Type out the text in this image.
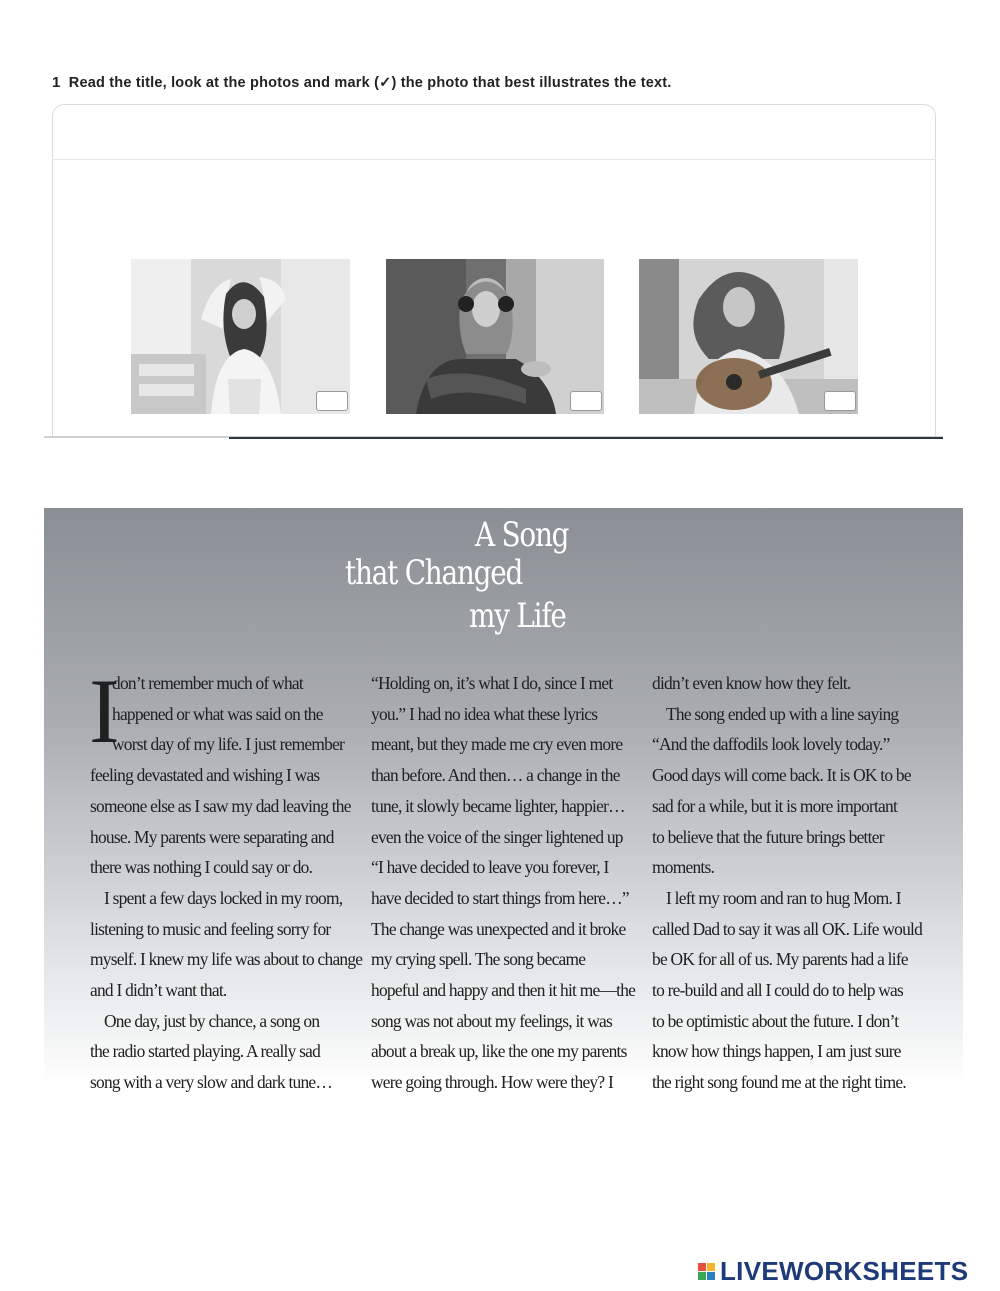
1 Read the title, look at the photos and mark (✓) the photo that best illustrates the text.
A Song
that Changed
my Life
I

don’t remember much of what

happened or what was said on the

worst day of my life. I just remember

feeling devastated and wishing I was

someone else as I saw my dad leaving the

house. My parents were separating and

there was nothing I could say or do.

I spent a few days locked in my room,

listening to music and feeling sorry for

myself. I knew my life was about to change

and I didn’t want that.

One day, just by chance, a song on

the radio started playing. A really sad

song with a very slow and dark tune…

“Holding on, it’s what I do, since I met

you.” I had no idea what these lyrics

meant, but they made me cry even more

than before. And then… a change in the

tune, it slowly became lighter, happier…

even the voice of the singer lightened up

“I have decided to leave you forever, I

have decided to start things from here…”

The change was unexpected and it broke

my crying spell. The song became

hopeful and happy and then it hit me—the

song was not about my feelings, it was

about a break up, like the one my parents

were going through. How were they? I

didn’t even know how they felt.

The song ended up with a line saying

“And the daffodils look lovely today.”

Good days will come back. It is OK to be

sad for a while, but it is more important

to believe that the future brings better

moments.

I left my room and ran to hug Mom. I

called Dad to say it was all OK. Life would

be OK for all of us. My parents had a life

to re-build and all I could do to help was

to be optimistic about the future. I don’t

know how things happen, I am just sure

the right song found me at the right time.

LIVEWORKSHEETS
